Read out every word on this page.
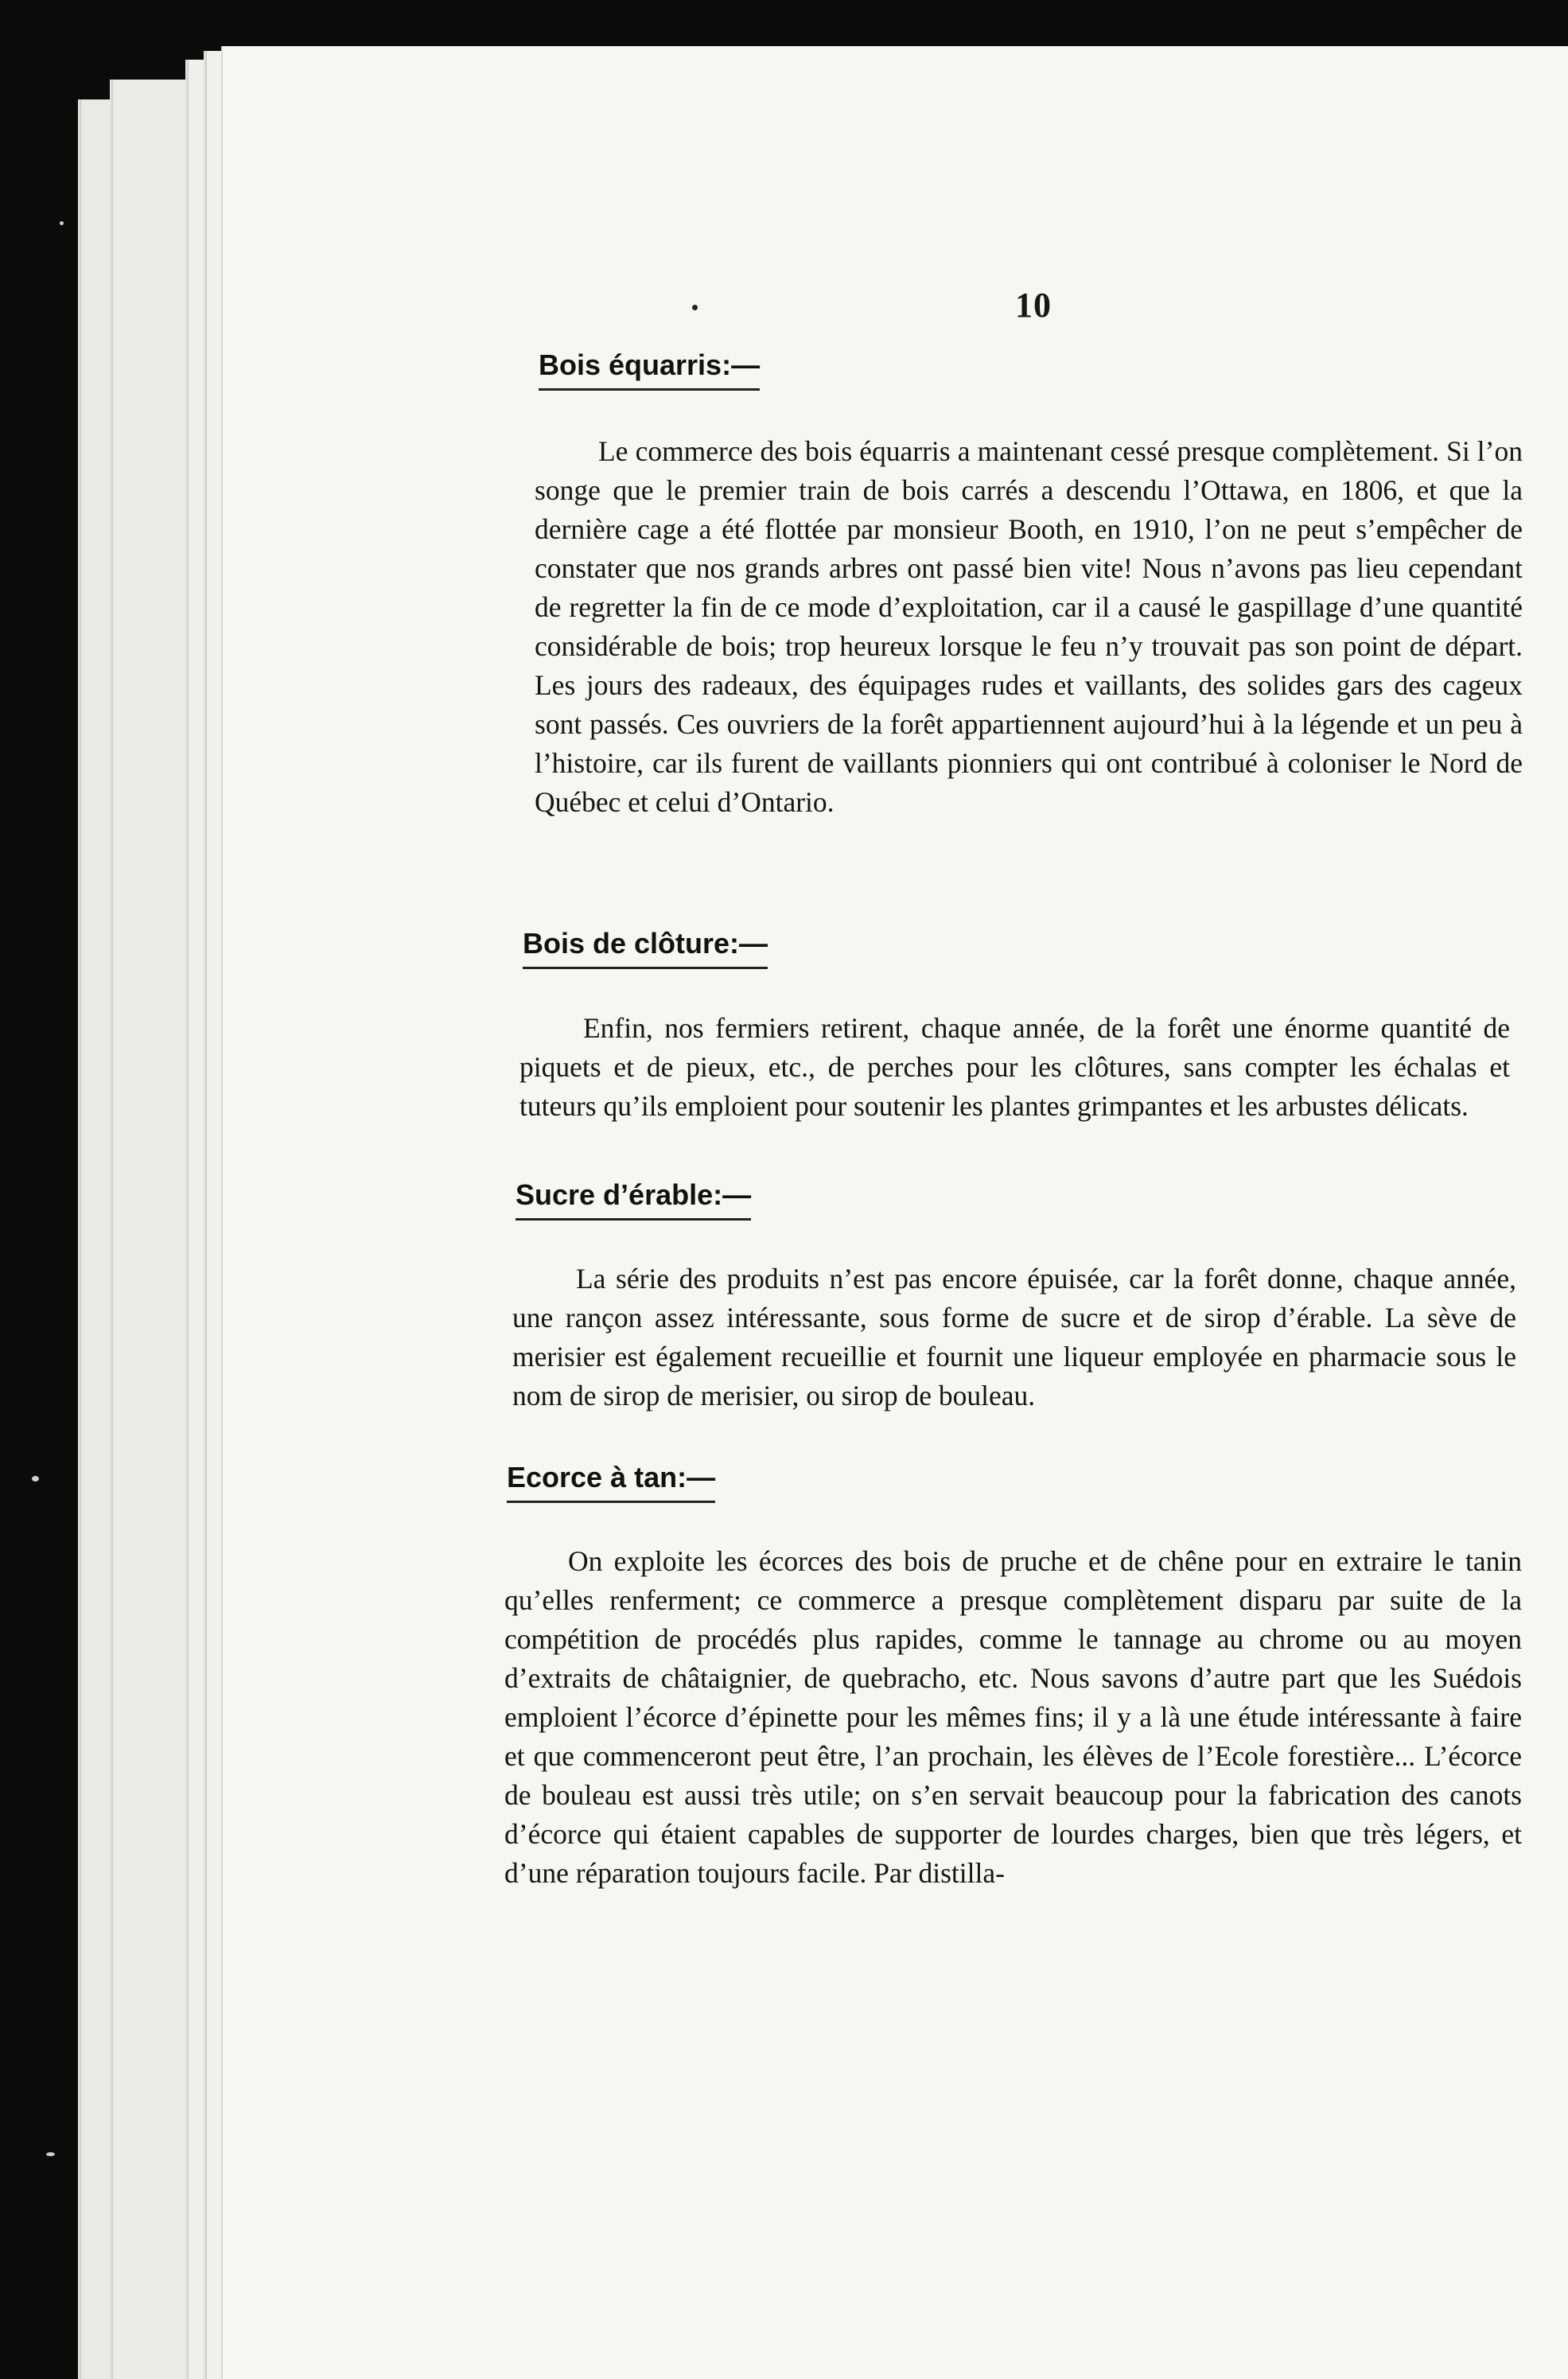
10
Bois équarris:—

Le commerce des bois équarris a maintenant cessé presque complètement. Si l’on songe que le premier train de bois carrés a descendu l’Ottawa, en 1806, et que la dernière cage a été flottée par monsieur Booth, en 1910, l’on ne peut s’empêcher de constater que nos grands arbres ont passé bien vite! Nous n’avons pas lieu cependant de regretter la fin de ce mode d’exploitation, car il a causé le gaspillage d’une quantité considérable de bois; trop heureux lorsque le feu n’y trouvait pas son point de départ. Les jours des radeaux, des équipages rudes et vaillants, des solides gars des cageux sont passés. Ces ouvriers de la forêt appartiennent aujourd’hui à la légende et un peu à l’histoire, car ils furent de vaillants pionniers qui ont contribué à coloniser le Nord de Québec et celui d’Ontario.

Bois de clôture:—

Enfin, nos fermiers retirent, chaque année, de la forêt une énorme quantité de piquets et de pieux, etc., de perches pour les clôtures, sans compter les échalas et tuteurs qu’ils emploient pour soutenir les plantes grimpantes et les arbustes délicats.

Sucre d’érable:—

La série des produits n’est pas encore épuisée, car la forêt donne, chaque année, une rançon assez intéressante, sous forme de sucre et de sirop d’érable. La sève de merisier est également recueillie et fournit une liqueur employée en pharmacie sous le nom de sirop de merisier, ou sirop de bouleau.

Ecorce à tan:—

On exploite les écorces des bois de pruche et de chêne pour en extraire le tanin qu’elles renferment; ce commerce a presque complètement disparu par suite de la compétition de procédés plus rapides, comme le tannage au chrome ou au moyen d’extraits de châtaignier, de quebracho, etc. Nous savons d’autre part que les Suédois emploient l’écorce d’épinette pour les mêmes fins; il y a là une étude intéressante à faire et que commenceront peut être, l’an prochain, les élèves de l’Ecole forestière... L’écorce de bouleau est aussi très utile; on s’en servait beaucoup pour la fabrication des canots d’écorce qui étaient capables de supporter de lourdes charges, bien que très légers, et d’une réparation toujours facile. Par distilla-
